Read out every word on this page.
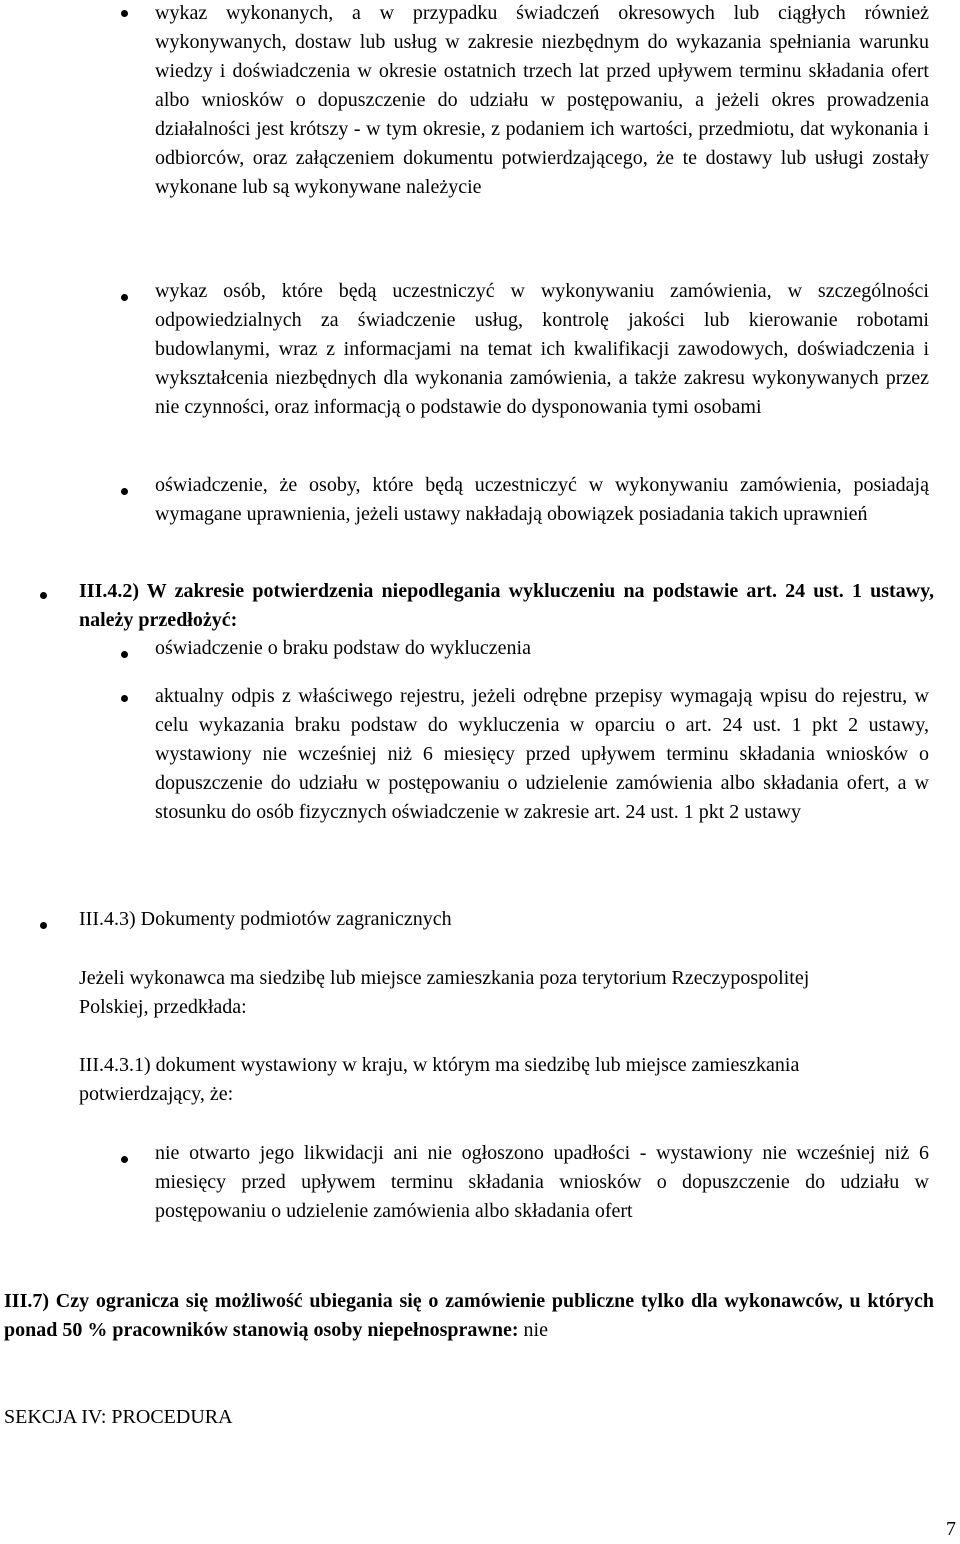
wykaz wykonanych, a w przypadku świadczeń okresowych lub ciągłych również wykonywanych, dostaw lub usług w zakresie niezbędnym do wykazania spełniania warunku wiedzy i doświadczenia w okresie ostatnich trzech lat przed upływem terminu składania ofert albo wniosków o dopuszczenie do udziału w postępowaniu, a jeżeli okres prowadzenia działalności jest krótszy - w tym okresie, z podaniem ich wartości, przedmiotu, dat wykonania i odbiorców, oraz załączeniem dokumentu potwierdzającego, że te dostawy lub usługi zostały wykonane lub są wykonywane należycie

wykaz osób, które będą uczestniczyć w wykonywaniu zamówienia, w szczególności odpowiedzialnych za świadczenie usług, kontrolę jakości lub kierowanie robotami budowlanymi, wraz z informacjami na temat ich kwalifikacji zawodowych, doświadczenia i wykształcenia niezbędnych dla wykonania zamówienia, a także zakresu wykonywanych przez nie czynności, oraz informacją o podstawie do dysponowania tymi osobami

oświadczenie, że osoby, które będą uczestniczyć w wykonywaniu zamówienia, posiadają wymagane uprawnienia, jeżeli ustawy nakładają obowiązek posiadania takich uprawnień

III.4.2) W zakresie potwierdzenia niepodlegania wykluczeniu na podstawie art. 24 ust. 1 ustawy, należy przedłożyć:

oświadczenie o braku podstaw do wykluczenia

aktualny odpis z właściwego rejestru, jeżeli odrębne przepisy wymagają wpisu do rejestru, w celu wykazania braku podstaw do wykluczenia w oparciu o art. 24 ust. 1 pkt 2 ustawy, wystawiony nie wcześniej niż 6 miesięcy przed upływem terminu składania wniosków o dopuszczenie do udziału w postępowaniu o udzielenie zamówienia albo składania ofert, a w stosunku do osób fizycznych oświadczenie w zakresie art. 24 ust. 1 pkt 2 ustawy

III.4.3) Dokumenty podmiotów zagranicznych

Jeżeli wykonawca ma siedzibę lub miejsce zamieszkania poza terytorium Rzeczypospolitej Polskiej, przedkłada:

III.4.3.1) dokument wystawiony w kraju, w którym ma siedzibę lub miejsce zamieszkania potwierdzający, że:

nie otwarto jego likwidacji ani nie ogłoszono upadłości - wystawiony nie wcześniej niż 6 miesięcy przed upływem terminu składania wniosków o dopuszczenie do udziału w postępowaniu o udzielenie zamówienia albo składania ofert

III.7) Czy ogranicza się możliwość ubiegania się o zamówienie publiczne tylko dla wykonawców, u których ponad 50 % pracowników stanowią osoby niepełnosprawne: nie

SEKCJA IV: PROCEDURA

7
